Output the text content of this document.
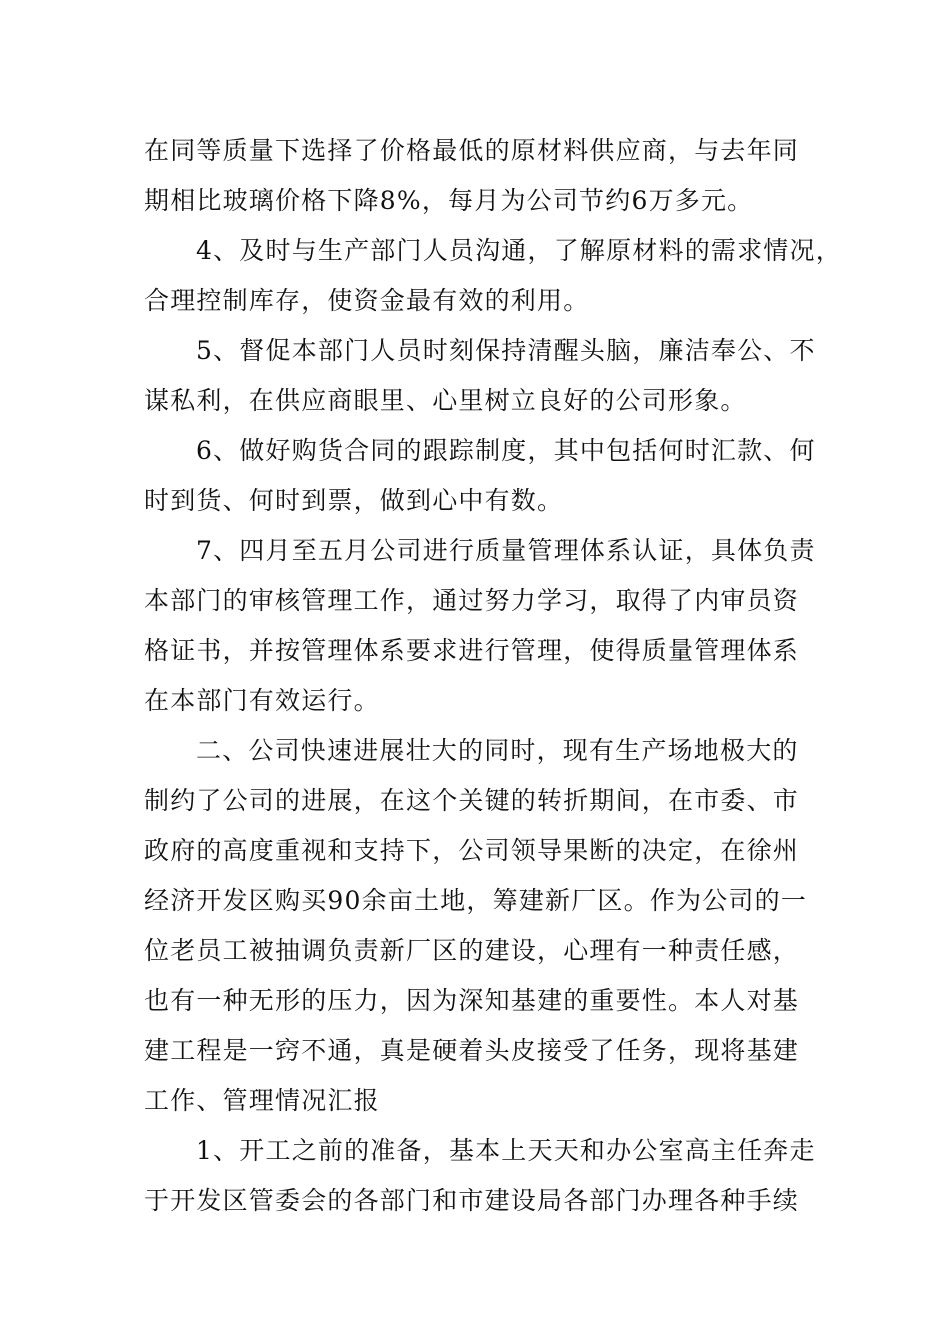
在同等质量下选择了价格最低的原材料供应商，与去年同
期相比玻璃价格下降8%，每月为公司节约6万多元。
4、及时与生产部门人员沟通，了解原材料的需求情况，
合理控制库存，使资金最有效的利用。
5、督促本部门人员时刻保持清醒头脑，廉洁奉公、不
谋私利，在供应商眼里、心里树立良好的公司形象。
6、做好购货合同的跟踪制度，其中包括何时汇款、何
时到货、何时到票，做到心中有数。
7、四月至五月公司进行质量管理体系认证，具体负责
本部门的审核管理工作，通过努力学习，取得了内审员资
格证书，并按管理体系要求进行管理，使得质量管理体系
在本部门有效运行。
二、公司快速进展壮大的同时，现有生产场地极大的
制约了公司的进展，在这个关键的转折期间，在市委、市
政府的高度重视和支持下，公司领导果断的决定，在徐州
经济开发区购买90余亩土地，筹建新厂区。作为公司的一
位老员工被抽调负责新厂区的建设，心理有一种责任感，
也有一种无形的压力，因为深知基建的重要性。本人对基
建工程是一窍不通，真是硬着头皮接受了任务，现将基建
工作、管理情况汇报
1、开工之前的准备，基本上天天和办公室高主任奔走
于开发区管委会的各部门和市建设局各部门办理各种手续
